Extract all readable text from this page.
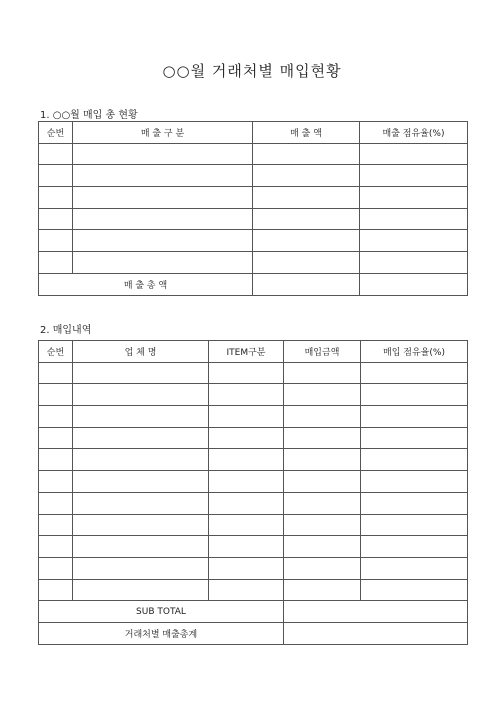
○○월 거래처별 매입현황
1. ○○월 매입 총 현황
순번	매 출 구 분	매 출 액	매출 점유율(%)

매 출 총 액			
2. 매입내역
순번	업 체 명	ITEM구분	매입금액	매입 점유율(%)

SUB TOTAL				
거래처별 매출총계				
